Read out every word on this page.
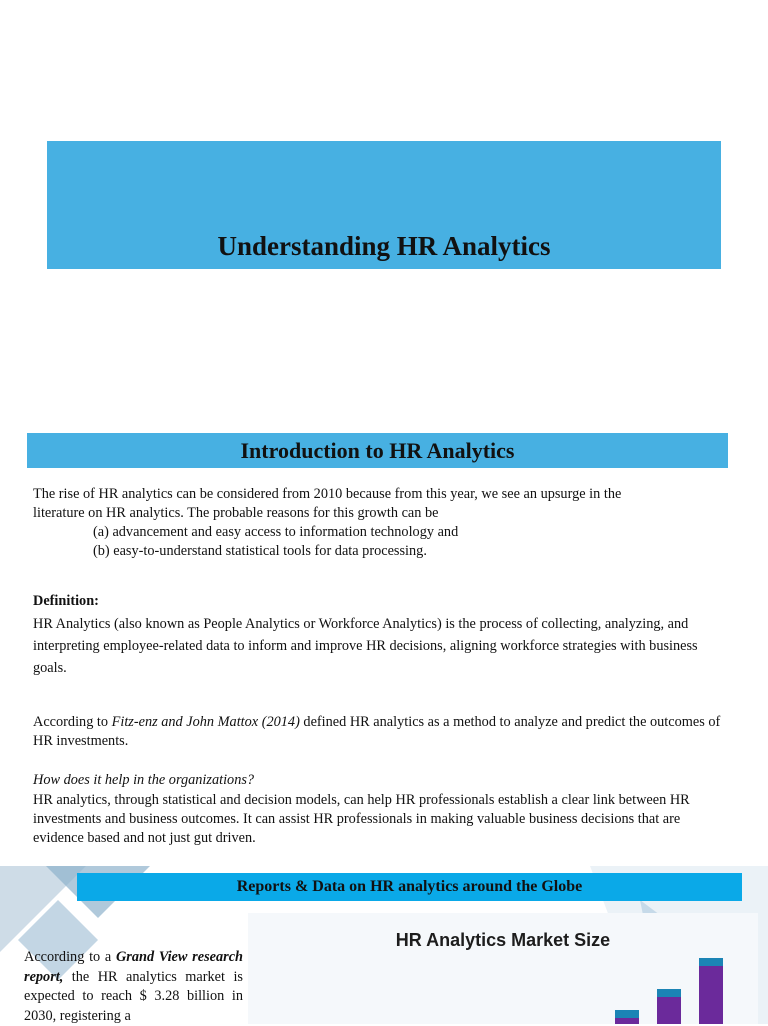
Understanding HR Analytics
Introduction to HR Analytics

The rise of HR analytics can be considered from 2010 because from this year, we see an upsurge in the
literature on HR analytics. The probable reasons for this growth can be

(a) advancement and easy access to information technology and
(b) easy-to-understand statistical tools for data processing.

Definition:

HR Analytics (also known as People Analytics or Workforce Analytics) is the process of collecting, analyzing, and interpreting employee-related data to inform and improve HR decisions, aligning workforce strategies with business goals.

According to Fitz-enz and John Mattox (2014) defined HR analytics as a method to analyze and predict the outcomes of HR investments.

How does it help in the organizations?

HR analytics, through statistical and decision models, can help HR professionals establish a clear link between HR investments and business outcomes. It can assist HR professionals in making valuable business decisions that are evidence based and not just gut driven.

Reports & Data on HR analytics around the Globe

According to a Grand View research report, the HR analytics market is expected to reach $ 3.28 billion in 2030, registering a

HR Analytics Market Size
